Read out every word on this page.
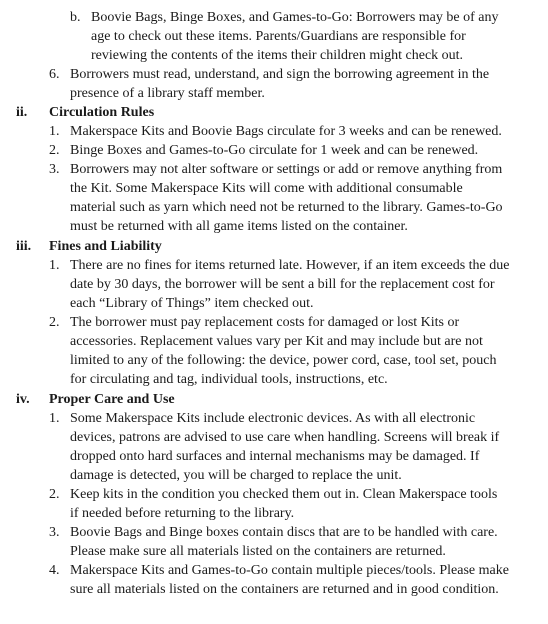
b. Boovie Bags, Binge Boxes, and Games-to-Go: Borrowers may be of any
age to check out these items. Parents/Guardians are responsible for
reviewing the contents of the items their children might check out.
6. Borrowers must read, understand, and sign the borrowing agreement in the
presence of a library staff member.
ii. Circulation Rules
1. Makerspace Kits and Boovie Bags circulate for 3 weeks and can be renewed.
2. Binge Boxes and Games-to-Go circulate for 1 week and can be renewed.
3. Borrowers may not alter software or settings or add or remove anything from
the Kit. Some Makerspace Kits will come with additional consumable
material such as yarn which need not be returned to the library. Games-to-Go
must be returned with all game items listed on the container.
iii. Fines and Liability
1. There are no fines for items returned late. However, if an item exceeds the due
date by 30 days, the borrower will be sent a bill for the replacement cost for
each “Library of Things” item checked out.
2. The borrower must pay replacement costs for damaged or lost Kits or
accessories. Replacement values vary per Kit and may include but are not
limited to any of the following: the device, power cord, case, tool set, pouch
for circulating and tag, individual tools, instructions, etc.
iv. Proper Care and Use
1. Some Makerspace Kits include electronic devices. As with all electronic
devices, patrons are advised to use care when handling. Screens will break if
dropped onto hard surfaces and internal mechanisms may be damaged. If
damage is detected, you will be charged to replace the unit.
2. Keep kits in the condition you checked them out in. Clean Makerspace tools
if needed before returning to the library.
3. Boovie Bags and Binge boxes contain discs that are to be handled with care.
Please make sure all materials listed on the containers are returned.
4. Makerspace Kits and Games-to-Go contain multiple pieces/tools. Please make
sure all materials listed on the containers are returned and in good condition.
